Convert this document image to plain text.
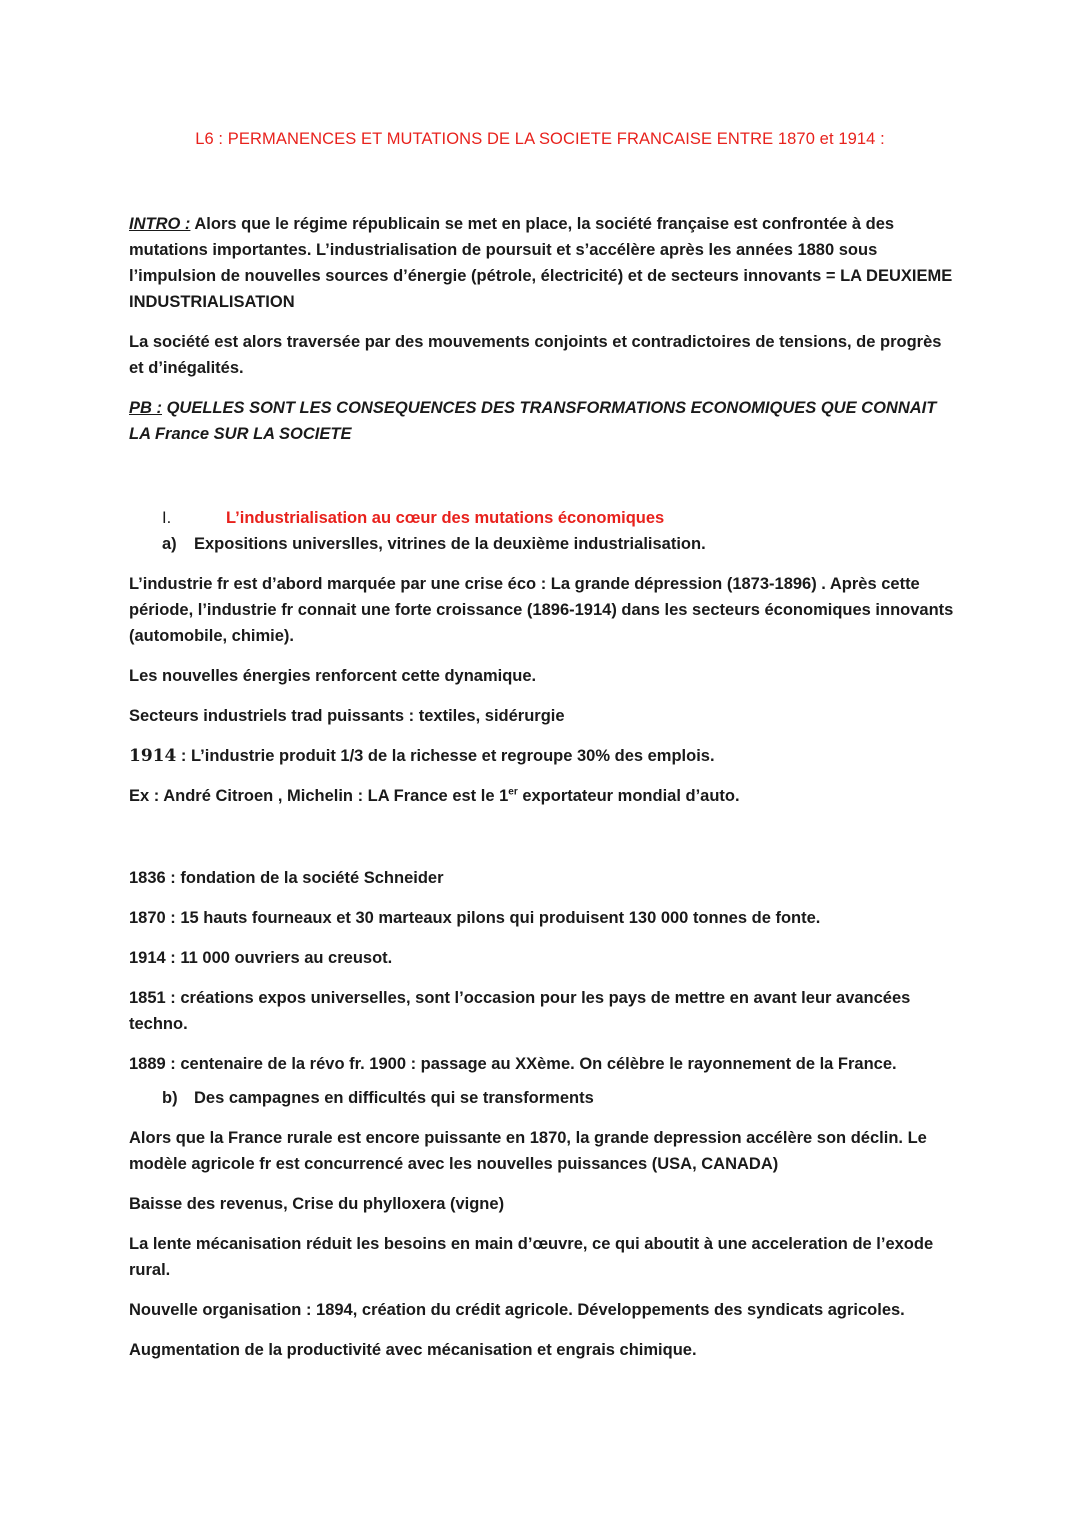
L6 : PERMANENCES ET MUTATIONS DE LA SOCIETE FRANCAISE ENTRE 1870 et 1914 :

INTRO : Alors que le régime républicain se met en place, la société française est confrontée à des mutations importantes. L’industrialisation de poursuit et s’accélère après les années 1880 sous l’impulsion de nouvelles sources d’énergie (pétrole, électricité) et de secteurs innovants = LA DEUXIEME INDUSTRIALISATION

La société est alors traversée par des mouvements conjoints et contradictoires de tensions, de progrès et d’inégalités.

PB : QUELLES SONT LES CONSEQUENCES DES TRANSFORMATIONS ECONOMIQUES QUE CONNAIT LA France SUR LA SOCIETE

I.	L’industrialisation au cœur des mutations économiques
a)	Expositions universlles, vitrines de la deuxième industrialisation.

L’industrie fr est d’abord marquée par une crise éco : La grande dépression (1873-1896) . Après cette période, l’industrie fr connait une forte croissance (1896-1914) dans les secteurs économiques innovants (automobile, chimie).

Les nouvelles énergies renforcent cette dynamique.

Secteurs industriels trad puissants : textiles, sidérurgie

1914 : L’industrie produit 1/3 de la richesse et regroupe 30% des emplois.

Ex : André Citroen , Michelin : LA France est le 1er exportateur mondial d’auto.

1836 : fondation de la société Schneider

1870 : 15 hauts fourneaux et 30 marteaux pilons qui produisent 130 000 tonnes de fonte.

1914 : 11 000 ouvriers au creusot.

1851 : créations expos universelles, sont l’occasion pour les pays de mettre en avant leur avancées techno.

1889 : centenaire de la révo fr. 1900 : passage au XXème. On célèbre le rayonnement de la France.

b) Des campagnes en difficultés qui se transforments

Alors que la France rurale est encore puissante en 1870, la grande depression accélère son déclin. Le modèle agricole fr est concurrencé avec les nouvelles puissances (USA, CANADA)

Baisse des revenus, Crise du phylloxera (vigne)

La lente mécanisation réduit les besoins en main d’œuvre, ce qui aboutit à une acceleration de l’exode rural.

Nouvelle organisation : 1894, création du crédit agricole. Développements des syndicats agricoles.

Augmentation de la productivité avec mécanisation et engrais chimique.
